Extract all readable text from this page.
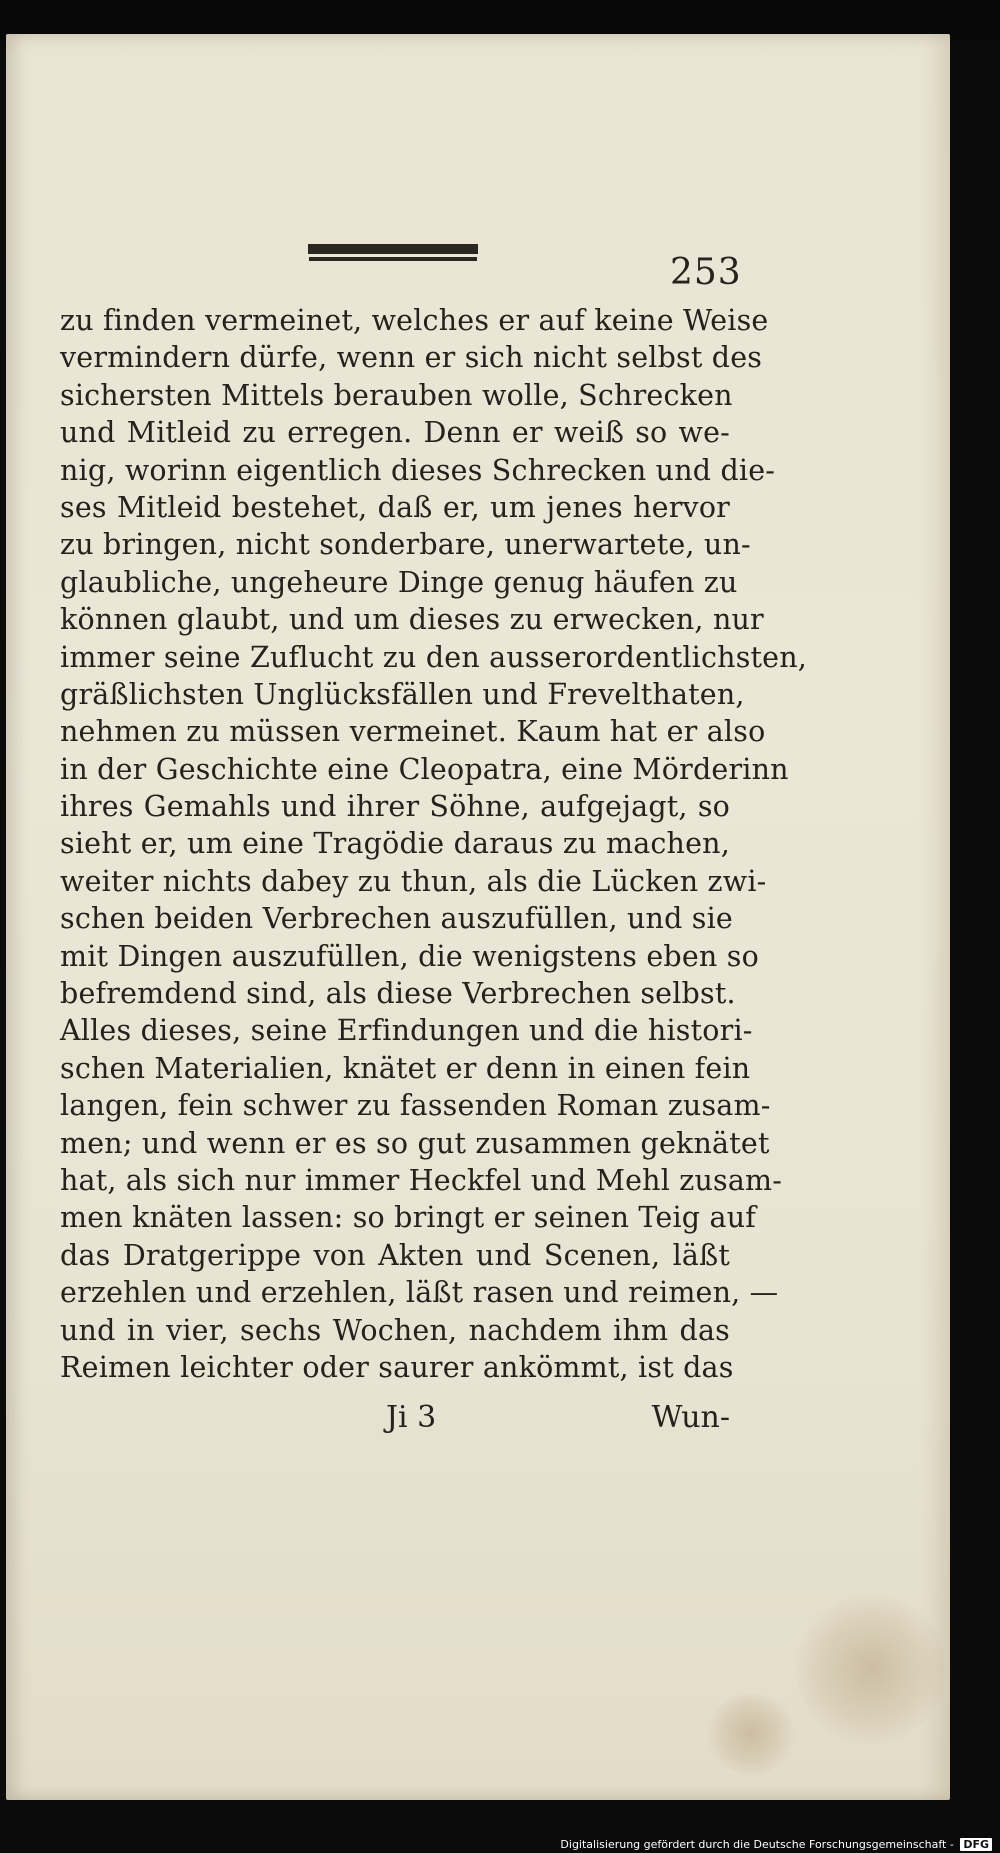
253
zu finden vermeinet, welches er auf keine Weise
vermindern dürfe, wenn er sich nicht selbst des
sichersten Mittels berauben wolle, Schrecken
und Mitleid zu erregen. Denn er weiß so we-
nig, worinn eigentlich dieses Schrecken und die-
ses Mitleid bestehet, daß er, um jenes hervor
zu bringen, nicht sonderbare, unerwartete, un-
glaubliche, ungeheure Dinge genug häufen zu
können glaubt, und um dieses zu erwecken, nur
immer seine Zuflucht zu den ausserordentlichsten,
gräßlichsten Unglücksfällen und Frevelthaten,
nehmen zu müssen vermeinet. Kaum hat er also
in der Geschichte eine Cleopatra, eine Mörderinn
ihres Gemahls und ihrer Söhne, aufgejagt, so
sieht er, um eine Tragödie daraus zu machen,
weiter nichts dabey zu thun, als die Lücken zwi-
schen beiden Verbrechen auszufüllen, und sie
mit Dingen auszufüllen, die wenigstens eben so
befremdend sind, als diese Verbrechen selbst.
Alles dieses, seine Erfindungen und die histori-
schen Materialien, knätet er denn in einen fein
langen, fein schwer zu fassenden Roman zusam-
men; und wenn er es so gut zusammen geknätet
hat, als sich nur immer Heckfel und Mehl zusam-
men knäten lassen: so bringt er seinen Teig auf
das Dratgerippe von Akten und Scenen, läßt
erzehlen und erzehlen, läßt rasen und reimen, —
und in vier, sechs Wochen, nachdem ihm das
Reimen leichter oder saurer ankömmt, ist das
Ji 3	Wun-
Digitalisierung gefördert durch die Deutsche Forschungsgemeinschaft - DFG
